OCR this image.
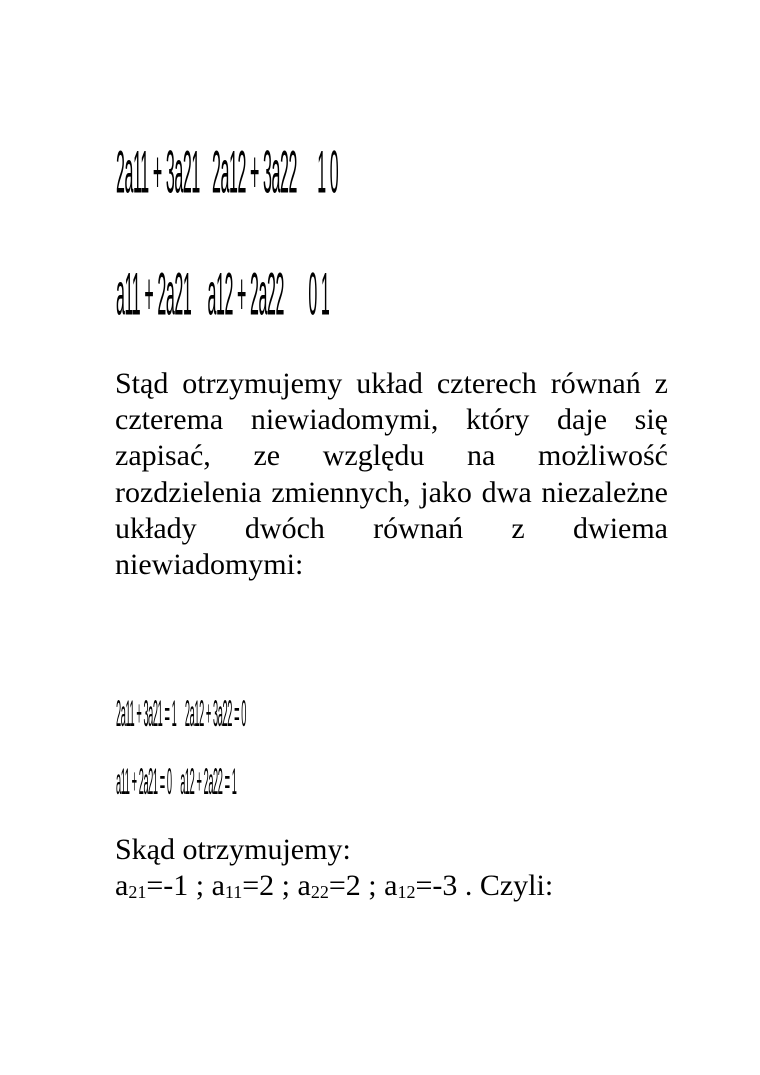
2a11 + 3a21   2a12 + 3a22     1 0
a11 + 2a21    a12 + 2a22      0 1

Stąd otrzymujemy układ czterech równań z czterema niewiadomymi, który daje się zapisać, ze względu na możliwość rozdzielenia zmiennych, jako dwa niezależne układy dwóch równań z dwiema niewiadomymi:

2a11 + 3a21 = 1    2a12 + 3a22 = 0
a11 + 2a21 = 0    a12 + 2a22 = 1
Skąd otrzymujemy:
$a_{21}=-1$ ; $a_{11}=2$ ; $a_{22}=2$ ; $a_{12}=-3$ . Czyli:
